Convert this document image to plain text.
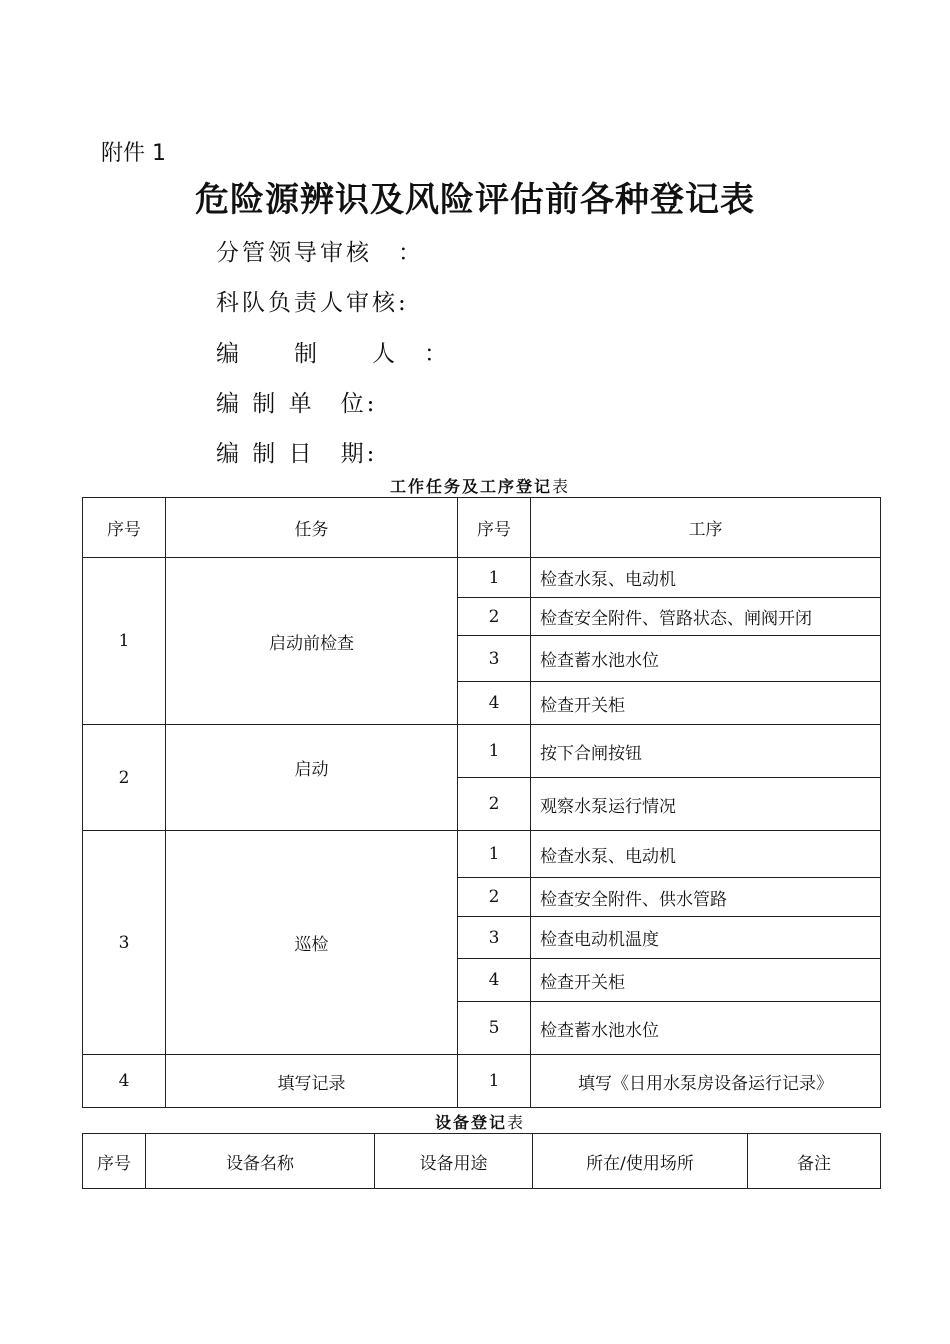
附件 1
危险源辨识及风险评估前各种登记表
分管领导审核　：
科队负责人审核:
编　　制　　人　：
编 制 单　位:
编 制 日　期:
工作任务及工序登记表
序号	任务	序号	工序
1	启动前检查	1	检查水泵、电动机
		2	检查安全附件、管路状态、闸阀开闭
		3	检查蓄水池水位
		4	检查开关柜
2	启动	1	按下合闸按钮
		2	观察水泵运行情况
3	巡检	1	检查水泵、电动机
		2	检查安全附件、供水管路
		3	检查电动机温度
		4	检查开关柜
		5	检查蓄水池水位
4	填写记录	1	填写《日用水泵房设备运行记录》
设备登记表
序号	设备名称	设备用途	所在/使用场所	备注
